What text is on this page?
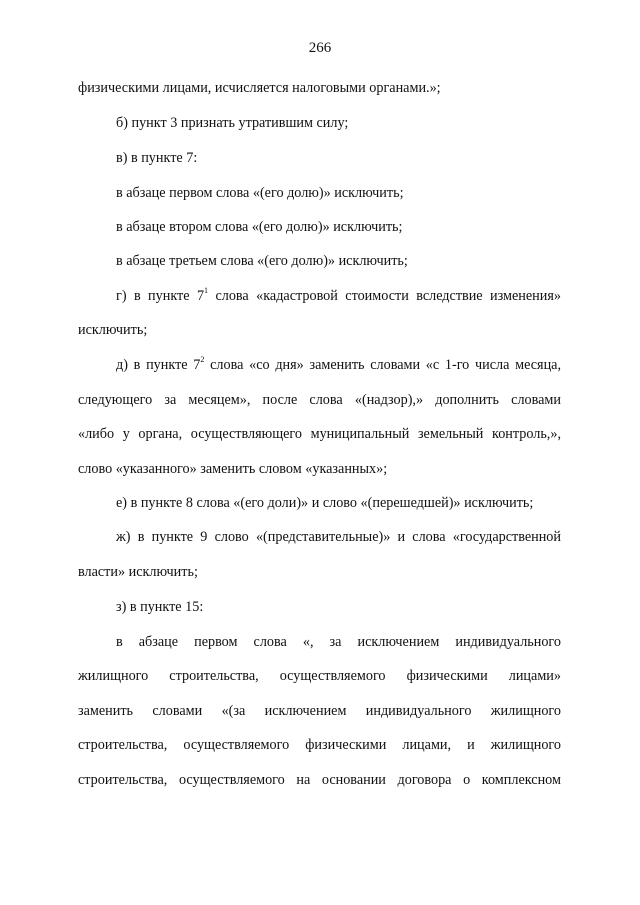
266
физическими лицами, исчисляется налоговыми органами.»;
б) пункт 3 признать утратившим силу;
в) в пункте 7:
в абзаце первом слова «(его долю)» исключить;
в абзаце втором слова «(его долю)» исключить;
в абзаце третьем слова «(его долю)» исключить;
г) в пункте $7^1$ слова «кадастровой стоимости вследствие изменения»
исключить;
д) в пункте $7^2$ слова «со дня» заменить словами «с 1-го числа месяца,
следующего за месяцем», после слова «(надзор),» дополнить словами
«либо у органа, осуществляющего муниципальный земельный контроль,»,
слово «указанного» заменить словом «указанных»;
е) в пункте 8 слова «(его доли)» и слово «(перешедшей)» исключить;
ж) в пункте 9 слово «(представительные)» и слова «государственной
власти» исключить;
з) в пункте 15:
в абзаце первом слова «, за исключением индивидуального
жилищного строительства, осуществляемого физическими лицами»
заменить словами «(за исключением индивидуального жилищного
строительства, осуществляемого физическими лицами, и жилищного
строительства, осуществляемого на основании договора о комплексном
